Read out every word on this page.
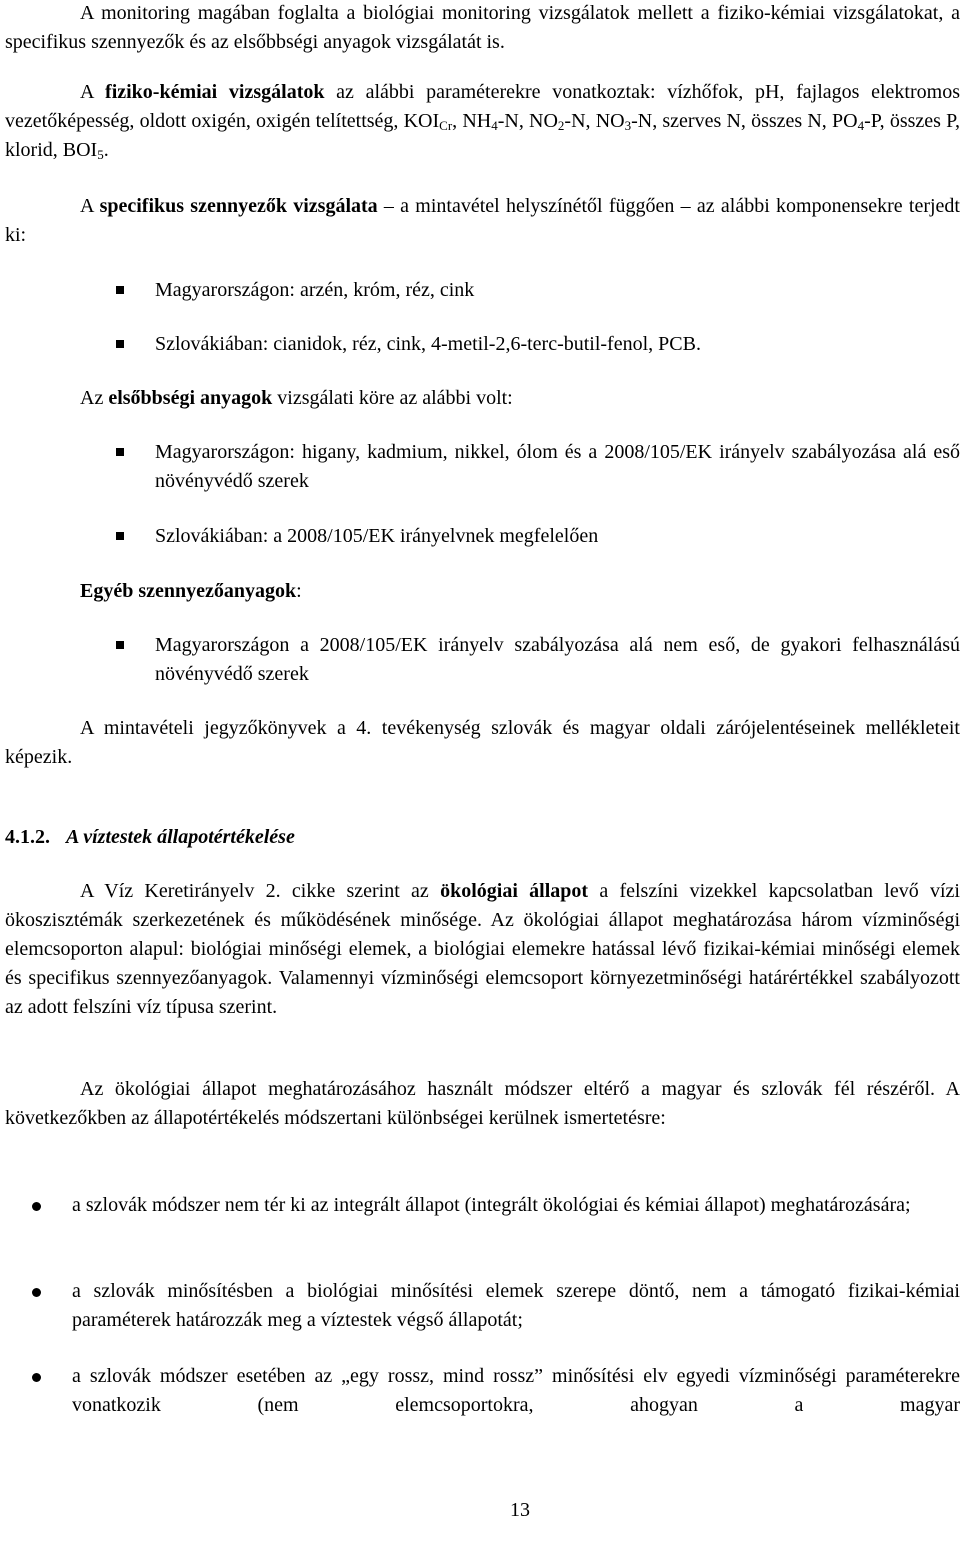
A monitoring magában foglalta a biológiai monitoring vizsgálatok mellett a fiziko-kémiai vizsgálatokat, a specifikus szennyezők és az elsőbbségi anyagok vizsgálatát is.

A fiziko-kémiai vizsgálatok az alábbi paraméterekre vonatkoztak: vízhőfok, pH, fajlagos elektromos vezetőképesség, oldott oxigén, oxigén telítettség, $KOI_{Cr}$, $NH_4-N$, $NO_2-N$, $NO_3-N$, szerves N, összes N, $PO_4-P$, összes P, klorid, $BOI_5$.

A specifikus szennyezők vizsgálata – a mintavétel helyszínétől függően – az alábbi komponensekre terjedt ki:

Magyarországon: arzén, króm, réz, cink

Szlovákiában: cianidok, réz, cink, 4-metil-2,6-terc-butil-fenol, PCB.

Az elsőbbségi anyagok vizsgálati köre az alábbi volt:

Magyarországon: higany, kadmium, nikkel, ólom és a 2008/105/EK irányelv szabályozása alá eső növényvédő szerek

Szlovákiában: a 2008/105/EK irányelvnek megfelelően

Egyéb szennyezőanyagok:

Magyarországon a 2008/105/EK irányelv szabályozása alá nem eső, de gyakori felhasználású növényvédő szerek

A mintavételi jegyzőkönyvek a 4. tevékenység szlovák és magyar oldali zárójelentéseinek mellékleteit képezik.

4.1.2. A víztestek állapotértékelése

A Víz Keretirányelv 2. cikke szerint az ökológiai állapot a felszíni vizekkel kapcsolatban levő vízi ökoszisztémák szerkezetének és működésének minősége. Az ökológiai állapot meghatározása három vízminőségi elemcsoporton alapul: biológiai minőségi elemek, a biológiai elemekre hatással lévő fizikai-kémiai minőségi elemek és specifikus szennyezőanyagok. Valamennyi vízminőségi elemcsoport környezetminőségi határértékkel szabályozott az adott felszíni víz típusa szerint.

Az ökológiai állapot meghatározásához használt módszer eltérő a magyar és szlovák fél részéről. A következőkben az állapotértékelés módszertani különbségei kerülnek ismertetésre:

a szlovák módszer nem tér ki az integrált állapot (integrált ökológiai és kémiai állapot) meghatározására;

a szlovák minősítésben a biológiai minősítési elemek szerepe döntő, nem a támogató fizikai-kémiai paraméterek határozzák meg a víztestek végső állapotát;

a szlovák módszer esetében az „egy rossz, mind rossz” minősítési elv egyedi vízminőségi paraméterekre vonatkozik (nem elemcsoportokra, ahogyan a magyar

13
